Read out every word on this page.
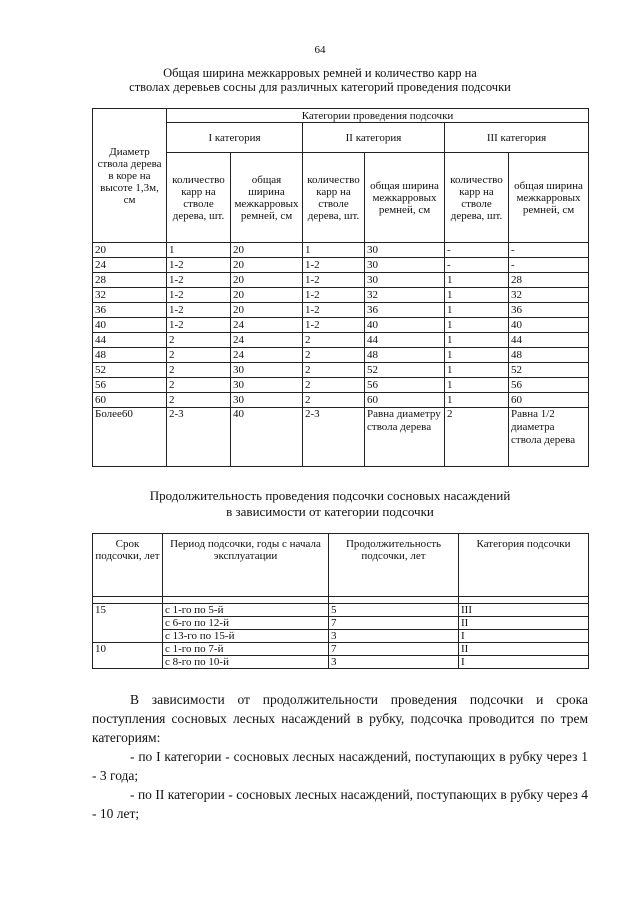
64
Общая ширина межкарровых ремней и количество карр на
стволах деревьев сосны для различных категорий проведения подсочки
Диаметр ствола дерева в коре на высоте 1,3м, см	Категории проведения подсочки					
	I категория		II категория		III категория	
	количество карр на стволе дерева, шт.	общая ширина межкарровых ремней, см	количество карр на стволе дерева, шт.	общая ширина межкарровых ремней, см	количество карр на стволе дерева, шт.	общая ширина межкарровых ремней, см
20	1	20	1	30	-	-
24	1-2	20	1-2	30	-	-
28	1-2	20	1-2	30	1	28
32	1-2	20	1-2	32	1	32
36	1-2	20	1-2	36	1	36
40	1-2	24	1-2	40	1	40
44	2	24	2	44	1	44
48	2	24	2	48	1	48
52	2	30	2	52	1	52
56	2	30	2	56	1	56
60	2	30	2	60	1	60
Более60	2-3	40	2-3	Равна диаметру ствола дерева	2	Равна 1/2 диаметра ствола дерева
Продолжительность проведения подсочки сосновых насаждений
в зависимости от категории подсочки
Срок подсочки, лет	Период подсочки, годы с начала эксплуатации	Продолжительность подсочки, лет	Категория подсочки

15	с 1-го по 5-й	5	III
	с 6-го по 12-й	7	II
	с 13-го по 15-й	3	I
10	с 1-го по 7-й	7	II
	с 8-го по 10-й	3	I

В зависимости от продолжительности проведения подсочки и срока поступления сосновых лесных насаждений в рубку, подсочка проводится по трем категориям:

- по I категории - сосновых лесных насаждений, поступающих в рубку через 1 - 3 года;

- по II категории - сосновых лесных насаждений, поступающих в рубку через 4 - 10 лет;
